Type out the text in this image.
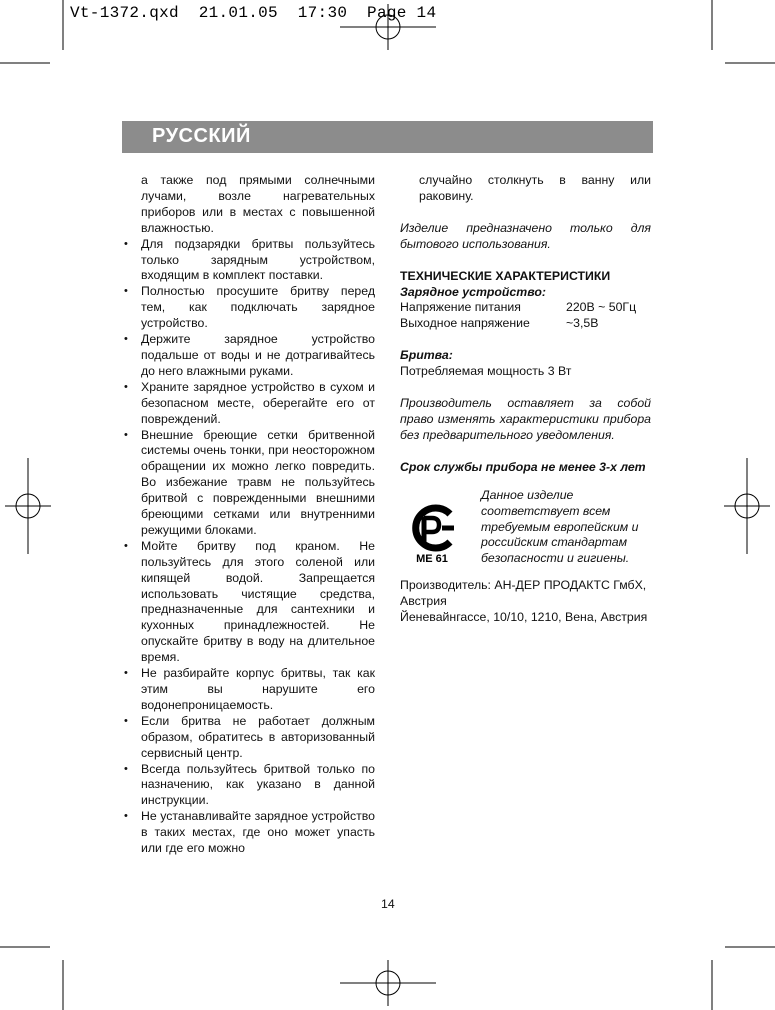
Vt-1372.qxd  21.01.05  17:30  Page 14
РУССКИЙ

а также под прямыми солнечными лучами, возле нагревательных приборов или в местах с повышенной влажностью.

• Для подзарядки бритвы пользуйтесь только зарядным устройством, входящим в комплект поставки.
• Полностью просушите бритву перед тем, как подключать зарядное устройство.
• Держите зарядное устройство подальше от воды и не дотрагивайтесь до него влажными руками.
• Храните зарядное устройство в сухом и безопасном месте, оберегайте его от повреждений.
• Внешние бреющие сетки бритвенной системы очень тонки, при неосторожном обращении их можно легко повредить. Во избежание травм не пользуйтесь бритвой с поврежденными внешними бреющими сетками или внутренними режущими блоками.
• Мойте бритву под краном. Не пользуйтесь для этого соленой или кипящей водой. Запрещается использовать чистящие средства, предназначенные для сантехники и кухонных принадлежностей. Не опускайте бритву в воду на длительное время.
• Не разбирайте корпус бритвы, так как этим вы нарушите его водонепроницаемость.
• Если бритва не работает должным образом, обратитесь в авторизованный сервисный центр.
• Всегда пользуйтесь бритвой только по назначению, как указано в данной инструкции.
• Не устанавливайте зарядное устройство в таких местах, где оно может упасть или где его можно

случайно столкнуть в ванну или раковину.

Изделие предназначено только для бытового использования.

ТЕХНИЧЕСКИЕ ХАРАКТЕРИСТИКИ
Зарядное устройство:
Напряжение питания	220В ~ 50Гц
Выходное напряжение	~3,5В
Бритва:
Потребляемая мощность 3 Вт

Производитель оставляет за собой право изменять характеристики прибора без предварительного уведомления.

Срок службы прибора не менее 3-х лет

ME 61
Данное изделие соответствует всем требуемым европейским и российским стандартам безопасности и гигиены.
Производитель: АН-ДЕР ПРОДАКТС ГмбХ, Австрия
Йеневайнгассе, 10/10, 1210, Вена, Австрия
14
